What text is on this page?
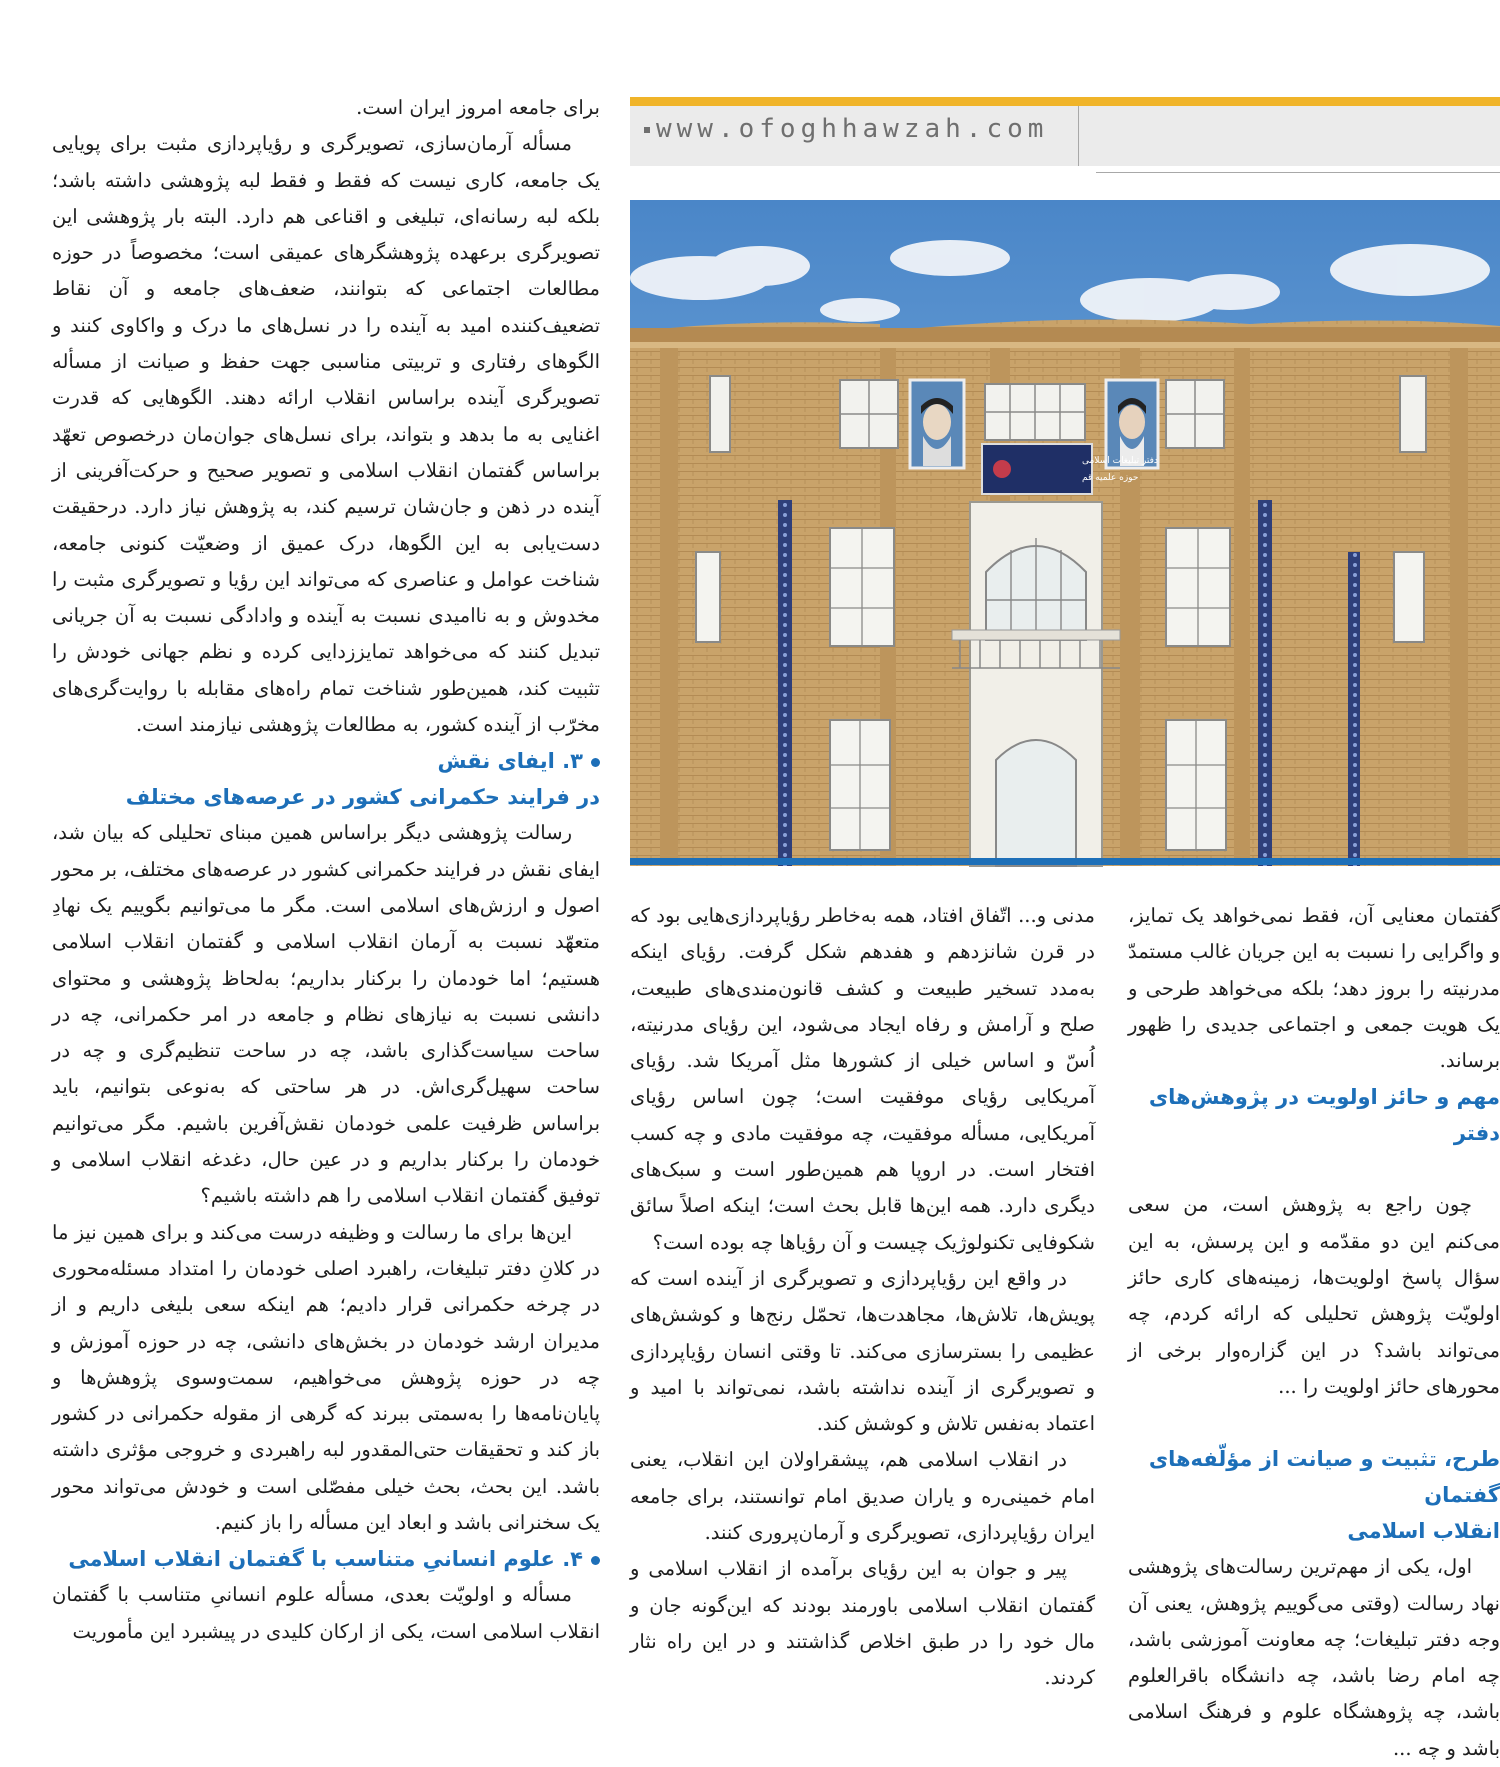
برای جامعه امروز ایران است.

مسأله آرمان‌سازی، تصویرگری و رؤیاپردازی مثبت برای پویایی یک جامعه، کاری نیست که فقط و فقط لبه پژوهشی داشته باشد؛ بلکه لبه رسانه‌ای، تبلیغی و اقناعی هم دارد. البته بار پژوهشی این تصویرگری برعهده پژوهشگرهای عمیقی است؛ مخصوصاً در حوزه مطالعات اجتماعی که بتوانند، ضعف‌های جامعه و آن نقاط تضعیف‌کننده امید به آینده را در نسل‌های ما درک و واکاوی کنند و الگوهای رفتاری و تربیتی مناسبی جهت حفظ و صیانت از مسأله تصویرگری آینده براساس انقلاب ارائه دهند. الگوهایی که قدرت اغنایی به ما بدهد و بتواند، برای نسل‌های جوان‌مان درخصوص تعهّد براساس گفتمان انقلاب اسلامی و تصویر صحیح و حرکت‌آفرینی از آینده در ذهن و جان‌شان ترسیم کند، به پژوهش نیاز دارد. درحقیقت دست‌یابی به این الگوها، درک عمیق از وضعیّت کنونی جامعه، شناخت عوامل و عناصری که می‌تواند این رؤیا و تصویرگری مثبت را مخدوش و به ناامیدی نسبت به آینده و وادادگی نسبت به آن جریانی تبدیل کنند که می‌خواهد تمایززدایی کرده و نظم جهانی خودش را تثبیت کند، همین‌طور شناخت تمام راه‌های مقابله با روایت‌گری‌های مخرّب از آینده کشور، به مطالعات پژوهشی نیازمند است.

۳. ایفای نقش
در فرایند حکمرانی کشور در عرصه‌های مختلف

رسالت پژوهشی دیگر براساس همین مبنای تحلیلی که بیان شد، ایفای نقش در فرایند حکمرانی کشور در عرصه‌های مختلف، بر محور اصول و ارزش‌های اسلامی است. مگر ما می‌توانیم بگوییم یک نهادِ متعهّد نسبت به آرمان انقلاب اسلامی و گفتمان انقلاب اسلامی هستیم؛ اما خودمان را برکنار بداریم؛ به‌لحاظ پژوهشی و محتوای دانشی نسبت به نیازهای نظام و جامعه در امر حکمرانی، چه در ساحت سیاست‌گذاری باشد، چه در ساحت تنظیم‌گری و چه در ساحت سهیل‌گری‌اش. در هر ساحتی که به‌نوعی بتوانیم، باید براساس ظرفیت علمی خودمان نقش‌آفرین باشیم. مگر می‌توانیم خودمان را برکنار بداریم و در عین حال، دغدغه انقلاب اسلامی و توفیق گفتمان انقلاب اسلامی را هم داشته باشیم؟

این‌ها برای ما رسالت و وظیفه درست می‌کند و برای همین نیز ما در کلانِ دفتر تبلیغات، راهبرد اصلی خودمان را امتداد مسئله‌محوری در چرخه حکمرانی قرار دادیم؛ هم اینکه سعی بلیغی داریم و از مدیران ارشد خودمان در بخش‌های دانشی، چه در حوزه آموزش و چه در حوزه پژوهش می‌خواهیم، سمت‌وسوی پژوهش‌ها و پایان‌نامه‌ها را به‌سمتی ببرند که گرهی از مقوله حکمرانی در کشور باز کند و تحقیقات حتی‌المقدور لبه راهبردی و خروجی مؤثری داشته باشد. این بحث، بحث خیلی مفصّلی است و خودش می‌تواند محور یک سخنرانی باشد و ابعاد این مسأله را باز کنیم.

۴. علوم انسانیِ متناسب با گفتمان انقلاب اسلامی

مسأله و اولویّت بعدی، مسأله علوم انسانیِ متناسب با گفتمان انقلاب اسلامی است، یکی از ارکان کلیدی در پیشبرد این مأموریت

www.ofoghhawzah.com
دفتر تبلیغات اسلامی
حوزه علمیه قم

مدنی و... اتّفاق افتاد، همه به‌خاطر رؤیاپردازی‌هایی بود که در قرن شانزدهم و هفدهم شکل گرفت. رؤیای اینکه به‌مدد تسخیر طبیعت و کشف قانون‌مندی‌های طبیعت، صلح و آرامش و رفاه ایجاد می‌شود، این رؤیای مدرنیته، اُسّ و اساس خیلی از کشورها مثل آمریکا شد. رؤیای آمریکایی رؤیای موفقیت است؛ چون اساس رؤیای آمریکایی، مسأله موفقیت، چه موفقیت مادی و چه کسب افتخار است. در اروپا هم همین‌طور است و سبک‌های دیگری دارد. همه این‌ها قابل بحث است؛ اینکه اصلاً سائق شکوفایی تکنولوژیک چیست و آن رؤیاها چه بوده است؟

در واقع این رؤیاپردازی و تصویرگری از آینده است که پویش‌ها، تلاش‌ها، مجاهدت‌ها، تحمّل رنج‌ها و کوشش‌های عظیمی را بسترسازی می‌کند. تا وقتی انسان رؤیاپردازی و تصویرگری از آینده نداشته باشد، نمی‌تواند با امید و اعتماد به‌نفس تلاش و کوشش کند.

در انقلاب اسلامی هم، پیشقراولان این انقلاب، یعنی امام خمینی‌ره و یاران صدیق امام توانستند، برای جامعه ایران رؤیاپردازی، تصویرگری و آرمان‌پروری کنند.

پیر و جوان به این رؤیای برآمده از انقلاب اسلامی و گفتمان انقلاب اسلامی باورمند بودند که این‌گونه جان و مال خود را در طبق اخلاص گذاشتند و در این راه نثار کردند.

گفتمان معنایی آن، فقط نمی‌خواهد یک تمایز، و واگرایی را نسبت به این جریان غالب مستمدّ مدرنیته را بروز دهد؛ بلکه می‌خواهد طرحی و یک هویت جمعی و اجتماعی جدیدی را ظهور برساند.

مهم و حائز اولویت در پژوهش‌های دفتر

چون راجع به پژوهش است، من سعی می‌کنم این دو مقدّمه و این پرسش، به این سؤال پاسخ اولویت‌ها، زمینه‌های کاری حائز اولویّت پژوهش تحلیلی که ارائه کردم، چه می‌تواند باشد؟ در این گزاره‌وار برخی از محورهای حائز اولویت را ...

طرح، تثبیت و صیانت از مؤلّفه‌های گفتمان
انقلاب اسلامی

اول، یکی از مهم‌ترین رسالت‌های پژوهشی نهاد رسالت (وقتی می‌گوییم پژوهش، یعنی آن وجه دفتر تبلیغات؛ چه معاونت آموزشی باشد، چه امام رضا باشد، چه دانشگاه باقرالعلوم باشد، چه پژوهشگاه علوم و فرهنگ اسلامی باشد و چه ...
